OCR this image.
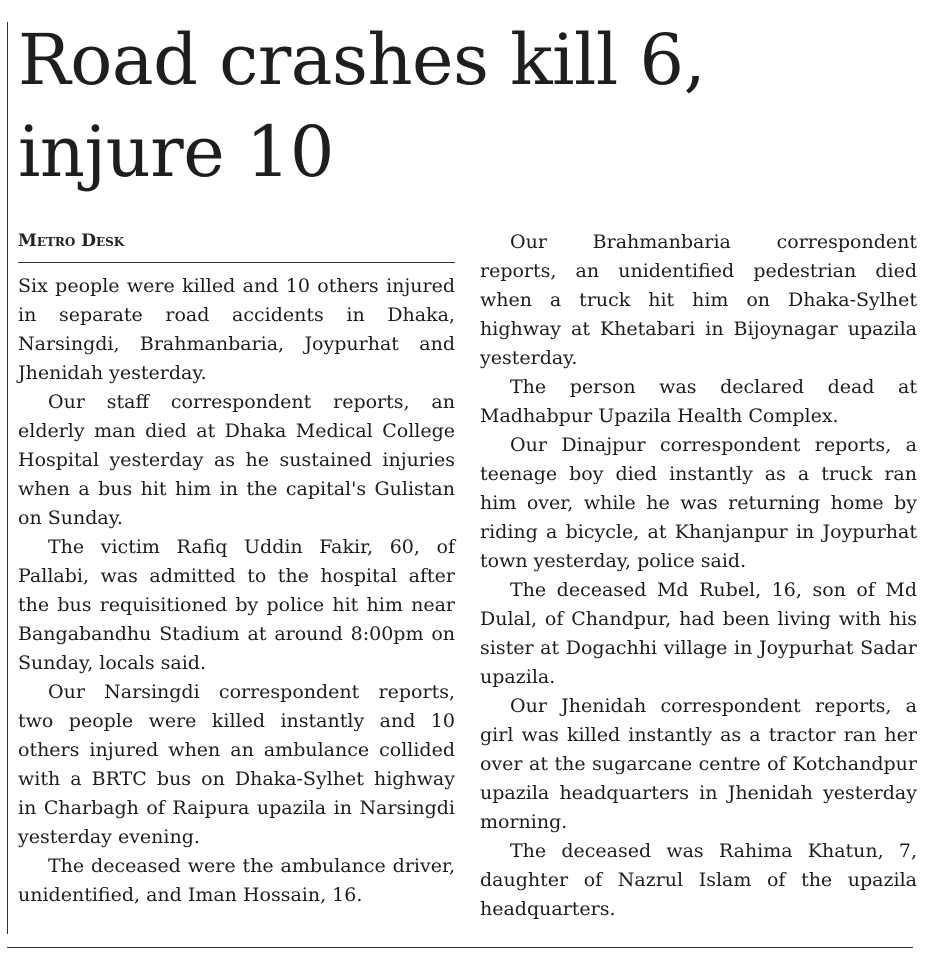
Road crashes kill 6,
injure 10
Metro Desk

Six people were killed and 10 others injured in separate road accidents in Dhaka, Narsingdi, Brahmanbaria, Joypurhat and Jhenidah yesterday.

Our staff correspondent reports, an elderly man died at Dhaka Medical College Hospital yesterday as he sustained injuries when a bus hit him in the capital's Gulistan on Sunday.

The victim Rafiq Uddin Fakir, 60, of Pallabi, was admitted to the hospital after the bus requisitioned by police hit him near Bangabandhu Stadium at around 8:00pm on Sunday, locals said.

Our Narsingdi correspondent reports, two people were killed instantly and 10 others injured when an ambulance collided with a BRTC bus on Dhaka-Sylhet highway in Charbagh of Raipura upazila in Narsingdi yesterday evening.

The deceased were the ambulance driver, unidentified, and Iman Hossain, 16.

Our Brahmanbaria correspondent reports, an unidentified pedestrian died when a truck hit him on Dhaka-Sylhet highway at Khetabari in Bijoynagar upazila yesterday.

The person was declared dead at Madhabpur Upazila Health Complex.

Our Dinajpur correspondent reports, a teenage boy died instantly as a truck ran him over, while he was returning home by riding a bicycle, at Khanjanpur in Joypurhat town yesterday, police said.

The deceased Md Rubel, 16, son of Md Dulal, of Chandpur, had been living with his sister at Dogachhi village in Joypurhat Sadar upazila.

Our Jhenidah correspondent reports, a girl was killed instantly as a tractor ran her over at the sugarcane centre of Kotchandpur upazila headquarters in Jhenidah yesterday morning.

The deceased was Rahima Khatun, 7, daughter of Nazrul Islam of the upazila headquarters.
